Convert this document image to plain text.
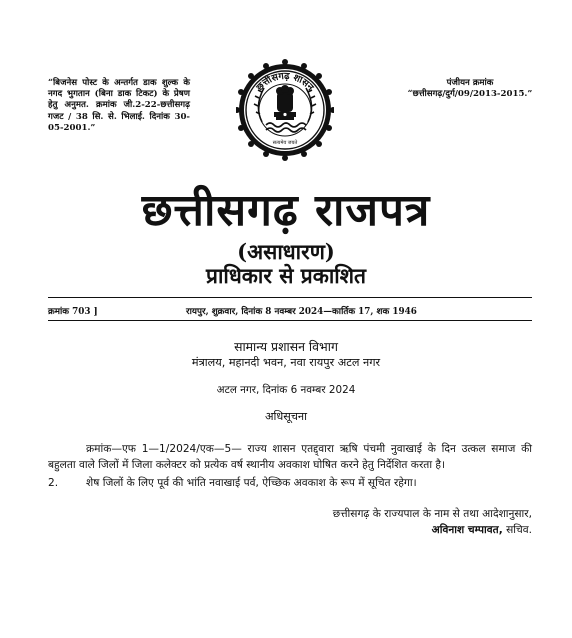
“बिजनेस पोस्ट के अन्तर्गत डाक शुल्क के नगद भुगतान (बिना डाक टिकट) के प्रेषण हेतु अनुमत. क्रमांक जी.2-22-छत्तीसगढ़ गजट / 38 सि. से. भिलाई. दिनांक 30-05-2001.”
पंजीयन क्रमांक
“छत्तीसगढ़/दुर्ग/09/2013-2015.”
छत्तीसगढ़ शासन
सत्यमेव जयते
छत्तीसगढ़ राजपत्र
(असाधारण)
प्राधिकार से प्रकाशित
क्रमांक 703 ]	रायपुर, शुक्रवार, दिनांक 8 नवम्बर 2024—कार्तिक 17, शक 1946
सामान्य प्रशासन विभाग
मंत्रालय, महानदी भवन, नवा रायपुर अटल नगर
अटल नगर, दिनांक 6 नवम्बर 2024
अधिसूचना
क्रमांक—एफ 1—1/2024/एक—5— राज्य शासन एतद्द्वारा ऋषि पंचमी नुवाखाई के दिन उत्कल समाज की बहुलता वाले जिलों में जिला कलेक्टर को प्रत्येक वर्ष स्थानीय अवकाश घोषित करने हेतु निर्देशित करता है।
2.	शेष जिलों के लिए पूर्व की भांति नवाखाई पर्व, ऐच्छिक अवकाश के रूप में सूचित रहेगा।
छत्तीसगढ़ के राज्यपाल के नाम से तथा आदेशानुसार,
अविनाश चम्पावत, सचिव.
